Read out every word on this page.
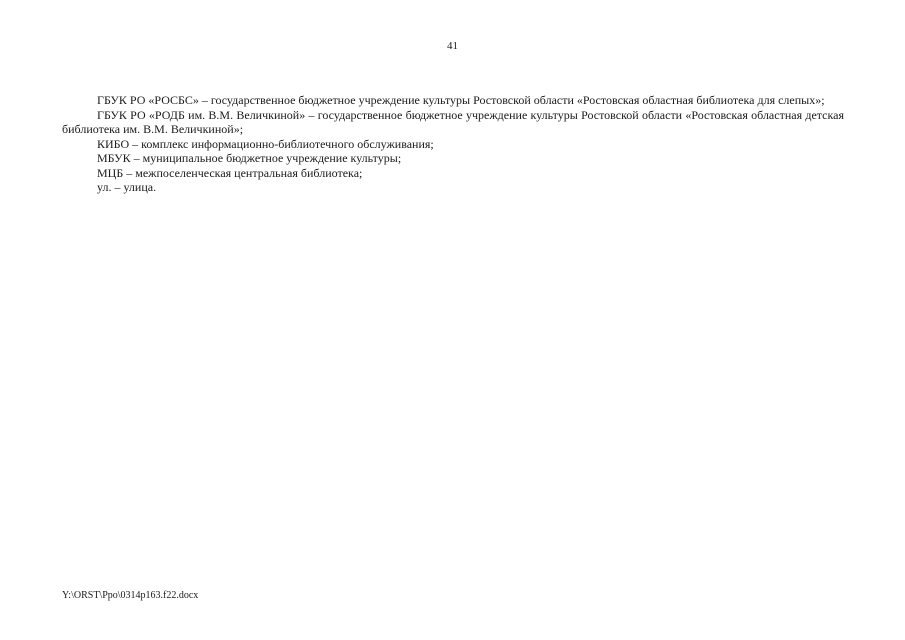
41

ГБУК РО «РОСБС» – государственное бюджетное учреждение культуры Ростовской области «Ростовская областная библиотека для слепых»;

ГБУК РО «РОДБ им. В.М. Величкиной» – государственное бюджетное учреждение культуры Ростовской области «Ростовская областная детская библиотека им. В.М. Величкиной»;

КИБО – комплекс информационно-библиотечного обслуживания;

МБУК – муниципальное бюджетное учреждение культуры;

МЦБ – межпоселенческая центральная библиотека;

ул. – улица.

Y:\ORST\Ppo\0314p163.f22.docx
